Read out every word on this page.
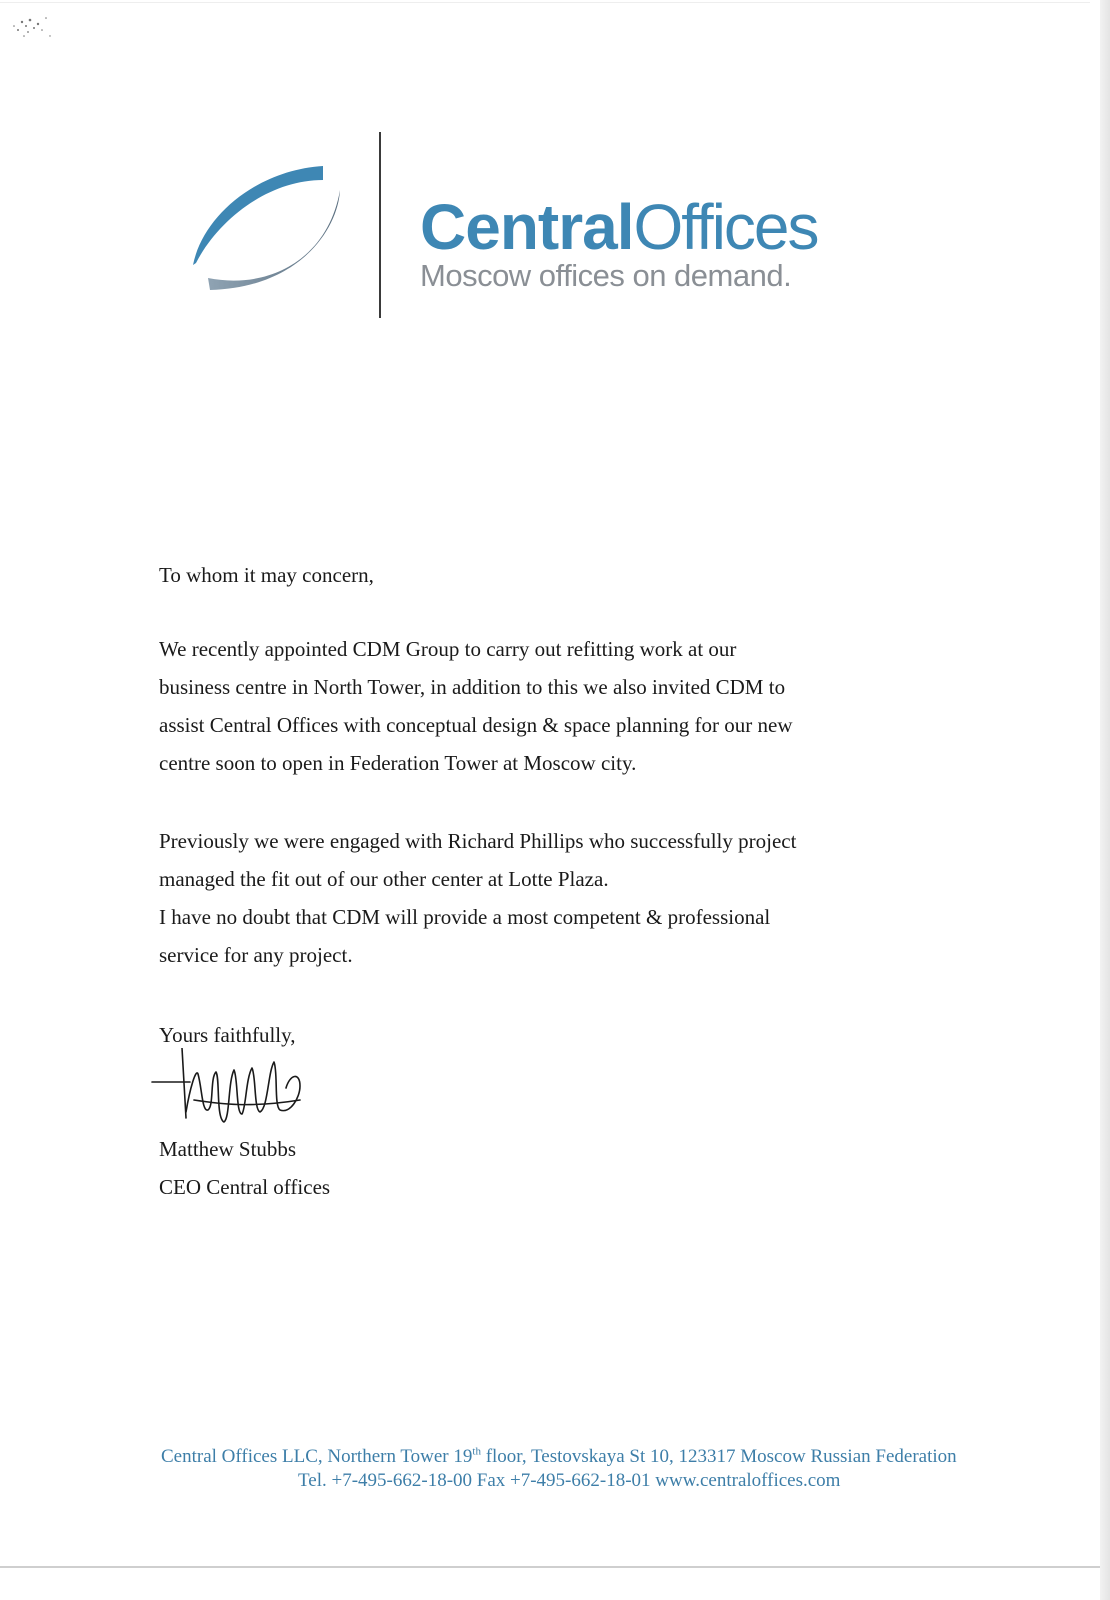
CentralOffices
Moscow offices on demand.
To whom it may concern,
We recently appointed CDM Group to carry out refitting work at our
business centre in North Tower, in addition to this we also invited CDM to
assist Central Offices with conceptual design & space planning for our new
centre soon to open in Federation Tower at Moscow city.
Previously we were engaged with Richard Phillips who successfully project
managed the fit out of our other center at Lotte Plaza.
I have no doubt that CDM will provide a most competent & professional
service for any project.
Yours faithfully,
Matthew Stubbs
CEO Central offices
Central Offices LLC, Northern Tower 19th floor, Testovskaya St 10, 123317 Moscow Russian Federation
Tel. +7-495-662-18-00 Fax +7-495-662-18-01 www.centraloffices.com
